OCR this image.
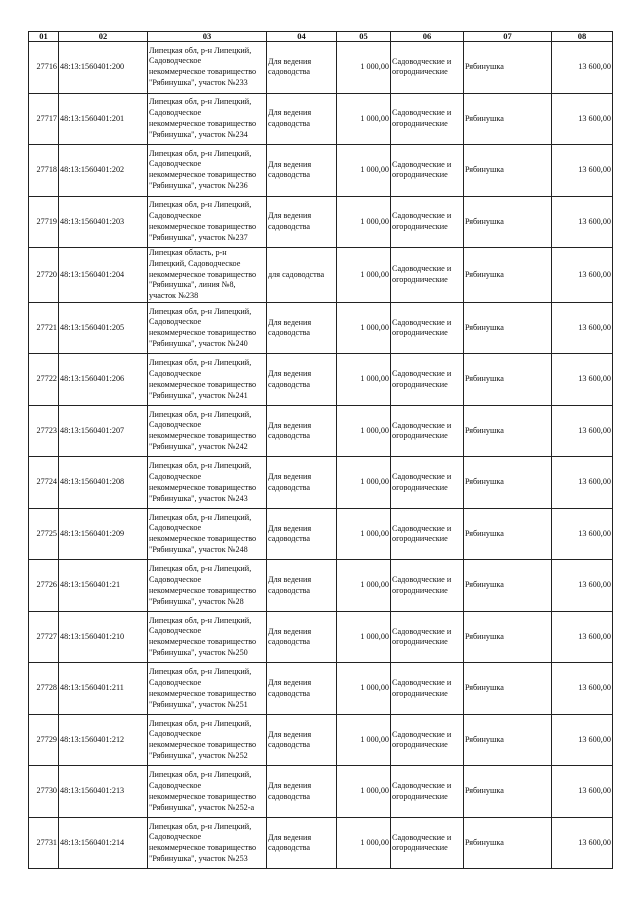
01	02	03	04	05	06	07	08
27716	48:13:1560401:200	Липецкая обл, р-н Липецкий,
Садоводческое
некоммерческое товарищество
"Рябинушка", участок №233	Для ведения
садоводства	1 000,00	Садоводческие и
огороднические	Рябинушка	13 600,00
27717	48:13:1560401:201	Липецкая обл, р-н Липецкий,
Садоводческое
некоммерческое товарищество
"Рябинушка", участок №234	Для ведения
садоводства	1 000,00	Садоводческие и
огороднические	Рябинушка	13 600,00
27718	48:13:1560401:202	Липецкая обл, р-н Липецкий,
Садоводческое
некоммерческое товарищество
"Рябинушка", участок №236	Для ведения
садоводства	1 000,00	Садоводческие и
огороднические	Рябинушка	13 600,00
27719	48:13:1560401:203	Липецкая обл, р-н Липецкий,
Садоводческое
некоммерческое товарищество
"Рябинушка", участок №237	Для ведения
садоводства	1 000,00	Садоводческие и
огороднические	Рябинушка	13 600,00
27720	48:13:1560401:204	Липецкая область, р-н
Липецкий, Садоводческое
некоммерческое товарищество
"Рябинушка", линия №8,
участок №238	для садоводства	1 000,00	Садоводческие и
огороднические	Рябинушка	13 600,00
27721	48:13:1560401:205	Липецкая обл, р-н Липецкий,
Садоводческое
некоммерческое товарищество
"Рябинушка", участок №240	Для ведения
садоводства	1 000,00	Садоводческие и
огороднические	Рябинушка	13 600,00
27722	48:13:1560401:206	Липецкая обл, р-н Липецкий,
Садоводческое
некоммерческое товарищество
"Рябинушка", участок №241	Для ведения
садоводства	1 000,00	Садоводческие и
огороднические	Рябинушка	13 600,00
27723	48:13:1560401:207	Липецкая обл, р-н Липецкий,
Садоводческое
некоммерческое товарищество
"Рябинушка", участок №242	Для ведения
садоводства	1 000,00	Садоводческие и
огороднические	Рябинушка	13 600,00
27724	48:13:1560401:208	Липецкая обл, р-н Липецкий,
Садоводческое
некоммерческое товарищество
"Рябинушка", участок №243	Для ведения
садоводства	1 000,00	Садоводческие и
огороднические	Рябинушка	13 600,00
27725	48:13:1560401:209	Липецкая обл, р-н Липецкий,
Садоводческое
некоммерческое товарищество
"Рябинушка", участок №248	Для ведения
садоводства	1 000,00	Садоводческие и
огороднические	Рябинушка	13 600,00
27726	48:13:1560401:21	Липецкая обл, р-н Липецкий,
Садоводческое
некоммерческое товарищество
"Рябинушка", участок №28	Для ведения
садоводства	1 000,00	Садоводческие и
огороднические	Рябинушка	13 600,00
27727	48:13:1560401:210	Липецкая обл, р-н Липецкий,
Садоводческое
некоммерческое товарищество
"Рябинушка", участок №250	Для ведения
садоводства	1 000,00	Садоводческие и
огороднические	Рябинушка	13 600,00
27728	48:13:1560401:211	Липецкая обл, р-н Липецкий,
Садоводческое
некоммерческое товарищество
"Рябинушка", участок №251	Для ведения
садоводства	1 000,00	Садоводческие и
огороднические	Рябинушка	13 600,00
27729	48:13:1560401:212	Липецкая обл, р-н Липецкий,
Садоводческое
некоммерческое товарищество
"Рябинушка", участок №252	Для ведения
садоводства	1 000,00	Садоводческие и
огороднические	Рябинушка	13 600,00
27730	48:13:1560401:213	Липецкая обл, р-н Липецкий,
Садоводческое
некоммерческое товарищество
"Рябинушка", участок №252-а	Для ведения
садоводства	1 000,00	Садоводческие и
огороднические	Рябинушка	13 600,00
27731	48:13:1560401:214	Липецкая обл, р-н Липецкий,
Садоводческое
некоммерческое товарищество
"Рябинушка", участок №253	Для ведения
садоводства	1 000,00	Садоводческие и
огороднические	Рябинушка	13 600,00
